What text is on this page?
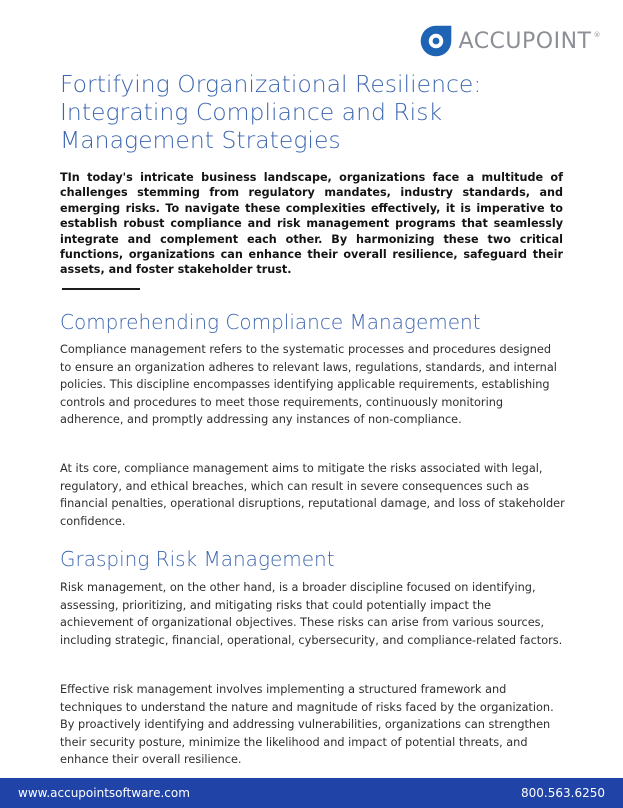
ACCUPOINT ®
Fortifying Organizational Resilience: Integrating Compliance and Risk Management Strategies

TIn today's intricate business landscape, organizations face a multitude of challenges stemming from regulatory mandates, industry standards, and emerging risks. To navigate these complexities effectively, it is imperative to establish robust compliance and risk management programs that seamlessly integrate and complement each other. By harmonizing these two critical functions, organizations can enhance their overall resilience, safeguard their assets, and foster stakeholder trust.

Comprehending Compliance Management

Compliance management refers to the systematic processes and procedures designed to ensure an organization adheres to relevant laws, regulations, standards, and internal policies. This discipline encompasses identifying applicable requirements, establishing controls and procedures to meet those requirements, continuously monitoring adherence, and promptly addressing any instances of non-compliance.

At its core, compliance management aims to mitigate the risks associated with legal, regulatory, and ethical breaches, which can result in severe consequences such as financial penalties, operational disruptions, reputational damage, and loss of stakeholder confidence.

Grasping Risk Management

Risk management, on the other hand, is a broader discipline focused on identifying, assessing, prioritizing, and mitigating risks that could potentially impact the achievement of organizational objectives. These risks can arise from various sources, including strategic, financial, operational, cybersecurity, and compliance-related factors.

Effective risk management involves implementing a structured framework and techniques to understand the nature and magnitude of risks faced by the organization. By proactively identifying and addressing vulnerabilities, organizations can strengthen their security posture, minimize the likelihood and impact of potential threats, and enhance their overall resilience.

www.accupointsoftware.com	800.563.6250
